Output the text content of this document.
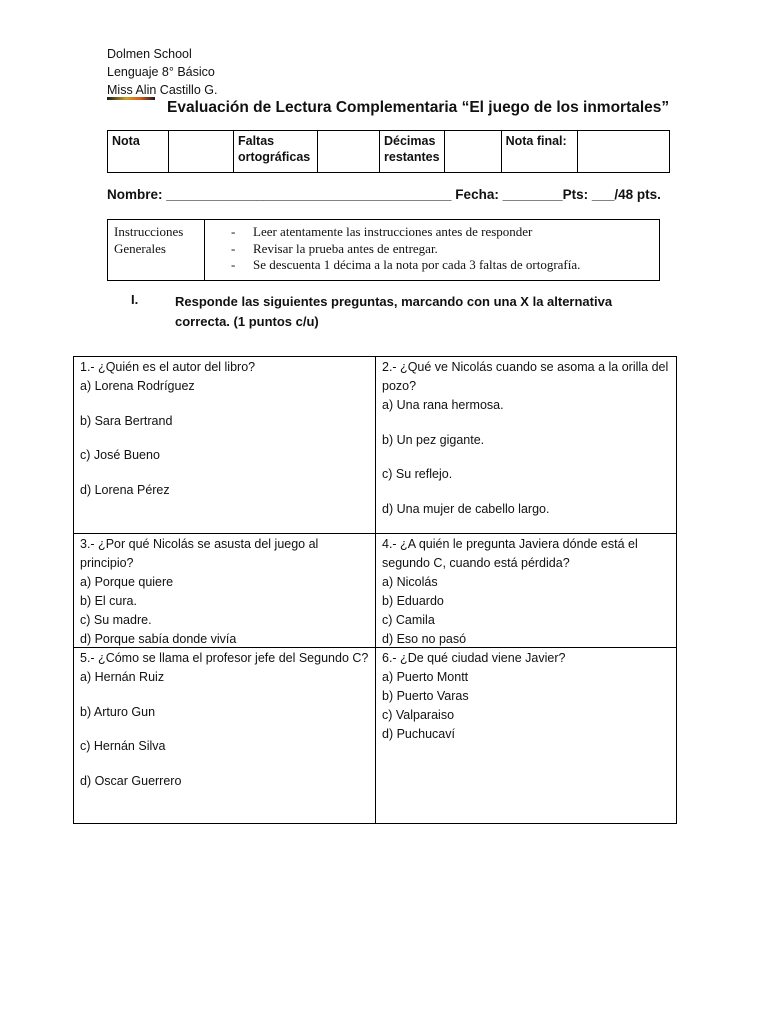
Dolmen School
Lenguaje 8° Básico
Miss Alin Castillo G.
Evaluación de Lectura Complementaria “El juego de los inmortales”
Nota		Faltas ortográficas		Décimas restantes		Nota final:	
Nombre: ______________________________________ Fecha: ________Pts: ___/48 pts.
Instrucciones Generales	
- Leer atentamente las instrucciones antes de responder
- Revisar la prueba antes de entregar.
- Se descuenta 1 décima a la nota por cada 3 faltas de ortografía.
I.	Responde las siguientes preguntas, marcando con una X la alternativa correcta. (1 puntos c/u)
1.- ¿Quién es el autor del libro?
a) Lorena Rodríguez
b) Sara Bertrand
c) José Bueno
d) Lorena Pérez
2.- ¿Qué ve Nicolás cuando se asoma a la orilla del pozo?
a) Una rana hermosa.
b) Un pez gigante.
c) Su reflejo.
d) Una mujer de cabello largo.
3.- ¿Por qué Nicolás se asusta del juego al principio?
a) Porque quiere
b) El cura.
c) Su madre.
d) Porque sabía donde vivía
4.- ¿A quién le pregunta Javiera dónde está el segundo C, cuando está pérdida?
a) Nicolás
b) Eduardo
c) Camila
d) Eso no pasó
5.- ¿Cómo se llama el profesor jefe del Segundo C?
a) Hernán Ruiz
b) Arturo Gun
c) Hernán Silva
d) Oscar Guerrero
6.- ¿De qué ciudad viene Javier?
a) Puerto Montt
b) Puerto Varas
c) Valparaiso
d) Puchucaví
